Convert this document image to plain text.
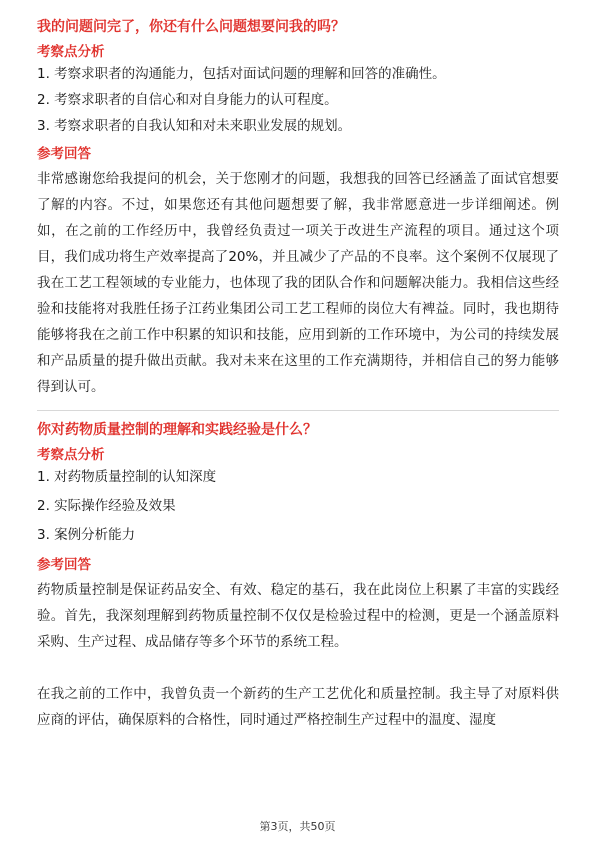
我的问题问完了，你还有什么问题想要问我的吗？

考察点分析

1. 考察求职者的沟通能力，包括对面试问题的理解和回答的准确性。

2. 考察求职者的自信心和对自身能力的认可程度。

3. 考察求职者的自我认知和对未来职业发展的规划。

参考回答

非常感谢您给我提问的机会，关于您刚才的问题，我想我的回答已经涵盖了面试官想要了解的内容。不过，如果您还有其他问题想要了解，我非常愿意进一步详细阐述。例如，在之前的工作经历中，我曾经负责过一项关于改进生产流程的项目。通过这个项目，我们成功将生产效率提高了20%，并且减少了产品的不良率。这个案例不仅展现了我在工艺工程领域的专业能力，也体现了我的团队合作和问题解决能力。我相信这些经验和技能将对我胜任扬子江药业集团公司工艺工程师的岗位大有裨益。同时，我也期待能够将我在之前工作中积累的知识和技能，应用到新的工作环境中，为公司的持续发展和产品质量的提升做出贡献。我对未来在这里的工作充满期待，并相信自己的努力能够得到认可。

你对药物质量控制的理解和实践经验是什么？

考察点分析

1. 对药物质量控制的认知深度

2. 实际操作经验及效果

3. 案例分析能力

参考回答

药物质量控制是保证药品安全、有效、稳定的基石，我在此岗位上积累了丰富的实践经验。首先，我深刻理解到药物质量控制不仅仅是检验过程中的检测，更是一个涵盖原料采购、生产过程、成品储存等多个环节的系统工程。

在我之前的工作中，我曾负责一个新药的生产工艺优化和质量控制。我主导了对原料供应商的评估，确保原料的合格性，同时通过严格控制生产过程中的温度、湿度

第3页，共50页
